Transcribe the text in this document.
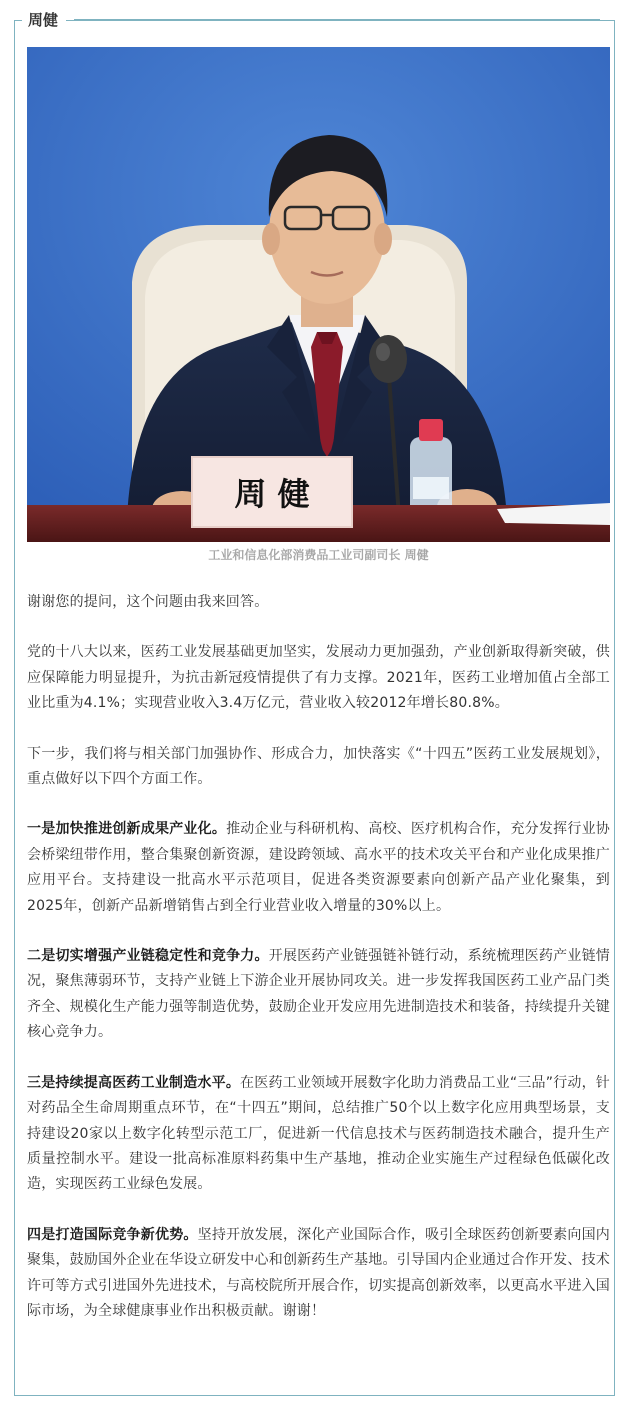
周健
周 健
工业和信息化部消费品工业司副司长 周健

谢谢您的提问，这个问题由我来回答。

党的十八大以来，医药工业发展基础更加坚实，发展动力更加强劲，产业创新取得新突破，供应保障能力明显提升，为抗击新冠疫情提供了有力支撑。2021年，医药工业增加值占全部工业比重为4.1%；实现营业收入3.4万亿元，营业收入较2012年增长80.8%。

下一步，我们将与相关部门加强协作、形成合力，加快落实《“十四五”医药工业发展规划》，重点做好以下四个方面工作。

一是加快推进创新成果产业化。推动企业与科研机构、高校、医疗机构合作，充分发挥行业协会桥梁纽带作用，整合集聚创新资源，建设跨领域、高水平的技术攻关平台和产业化成果推广应用平台。支持建设一批高水平示范项目，促进各类资源要素向创新产品产业化聚集，到2025年，创新产品新增销售占到全行业营业收入增量的30%以上。

二是切实增强产业链稳定性和竞争力。开展医药产业链强链补链行动，系统梳理医药产业链情况，聚焦薄弱环节，支持产业链上下游企业开展协同攻关。进一步发挥我国医药工业产品门类齐全、规模化生产能力强等制造优势，鼓励企业开发应用先进制造技术和装备，持续提升关键核心竞争力。

三是持续提高医药工业制造水平。在医药工业领域开展数字化助力消费品工业“三品”行动，针对药品全生命周期重点环节，在“十四五”期间，总结推广50个以上数字化应用典型场景，支持建设20家以上数字化转型示范工厂，促进新一代信息技术与医药制造技术融合，提升生产质量控制水平。建设一批高标准原料药集中生产基地，推动企业实施生产过程绿色低碳化改造，实现医药工业绿色发展。

四是打造国际竞争新优势。坚持开放发展，深化产业国际合作，吸引全球医药创新要素向国内聚集，鼓励国外企业在华设立研发中心和创新药生产基地。引导国内企业通过合作开发、技术许可等方式引进国外先进技术，与高校院所开展合作，切实提高创新效率，以更高水平进入国际市场，为全球健康事业作出积极贡献。谢谢！
